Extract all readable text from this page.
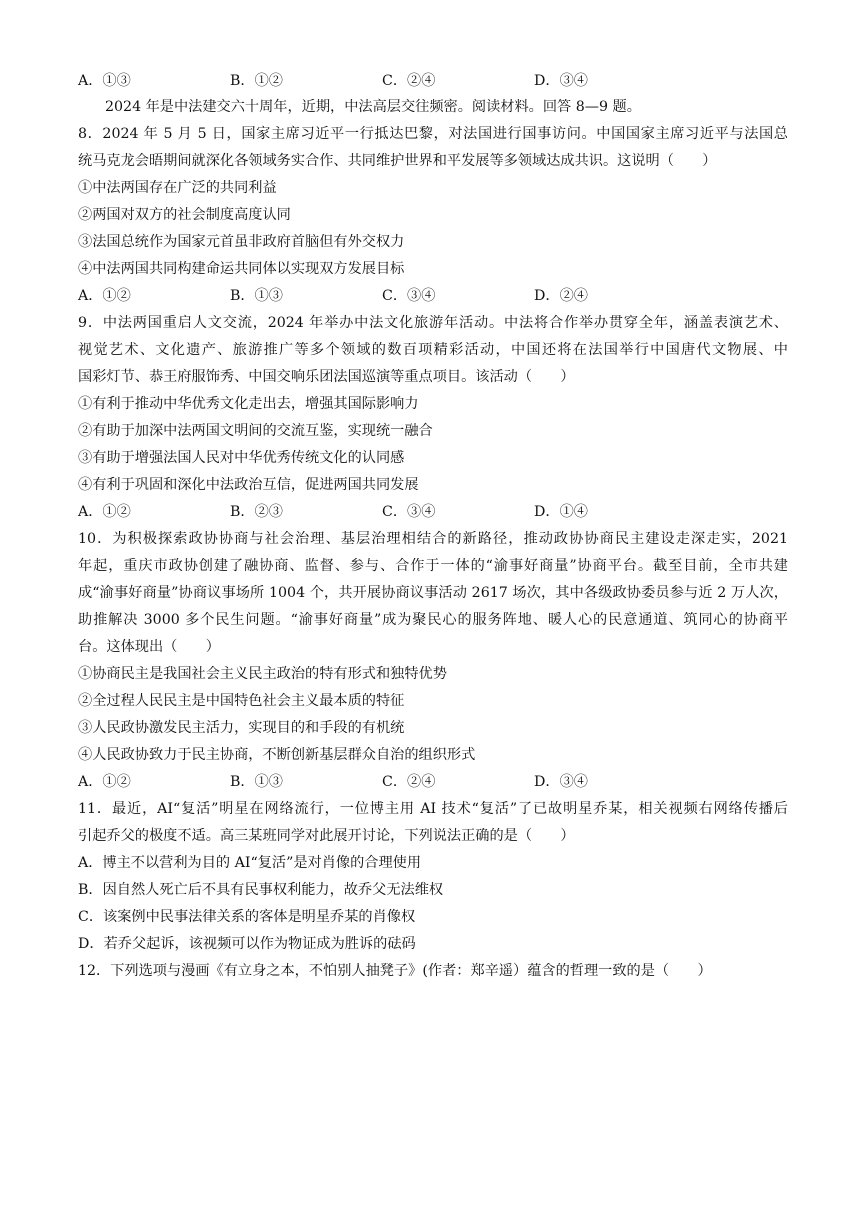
A．①③	B．①②	C．②④	D．③④
2024 年是中法建交六十周年，近期，中法高层交往频密。阅读材料。回答 8—9 题。
8．2024 年 5 月 5 日，国家主席习近平一行抵达巴黎，对法国进行国事访问。中国国家主席习近平与法国总
统马克龙会晤期间就深化各领域务实合作、共同维护世界和平发展等多领域达成共识。这说明（　　）
①中法两国存在广泛的共同利益
②两国对双方的社会制度高度认同
③法国总统作为国家元首虽非政府首脑但有外交权力
④中法两国共同构建命运共同体以实现双方发展目标
A．①②	B．①③	C．③④	D．②④
9．中法两国重启人文交流，2024 年举办中法文化旅游年活动。中法将合作举办贯穿全年，涵盖表演艺术、
视觉艺术、文化遗产、旅游推广等多个领域的数百项精彩活动，中国还将在法国举行中国唐代文物展、中
国彩灯节、恭王府服饰秀、中国交响乐团法国巡演等重点项目。该活动（　　）
①有利于推动中华优秀文化走出去，增强其国际影响力
②有助于加深中法两国文明间的交流互鉴，实现统一融合
③有助于增强法国人民对中华优秀传统文化的认同感
④有利于巩固和深化中法政治互信，促进两国共同发展
A．①②	B．②③	C．③④	D．①④
10．为积极探索政协协商与社会治理、基层治理相结合的新路径，推动政协协商民主建设走深走实，2021
年起，重庆市政协创建了融协商、监督、参与、合作于一体的“渝事好商量”协商平台。截至目前，全市共建
成“渝事好商量”协商议事场所 1004 个，共开展协商议事活动 2617 场次，其中各级政协委员参与近 2 万人次，
助推解决 3000 多个民生问题。“渝事好商量”成为聚民心的服务阵地、暖人心的民意通道、筑同心的协商平
台。这体现出（　　）
①协商民主是我国社会主义民主政治的特有形式和独特优势
②全过程人民民主是中国特色社会主义最本质的特征
③人民政协激发民主活力，实现目的和手段的有机统
④人民政协致力于民主协商，不断创新基层群众自治的组织形式
A．①②	B．①③	C．②④	D．③④
11．最近，AI“复活”明星在网络流行，一位博主用 AI 技术“复活”了已故明星乔某，相关视频右网络传播后
引起乔父的极度不适。高三某班同学对此展开讨论，下列说法正确的是（　　）
A．博主不以营利为目的 AI“复活”是对肖像的合理使用
B．因自然人死亡后不具有民事权利能力，故乔父无法维权
C．该案例中民事法律关系的客体是明星乔某的肖像权
D．若乔父起诉，该视频可以作为物证成为胜诉的砝码
12．下列选项与漫画《有立身之本，不怕别人抽凳子》(作者：郑辛遥）蕴含的哲理一致的是（　　）
